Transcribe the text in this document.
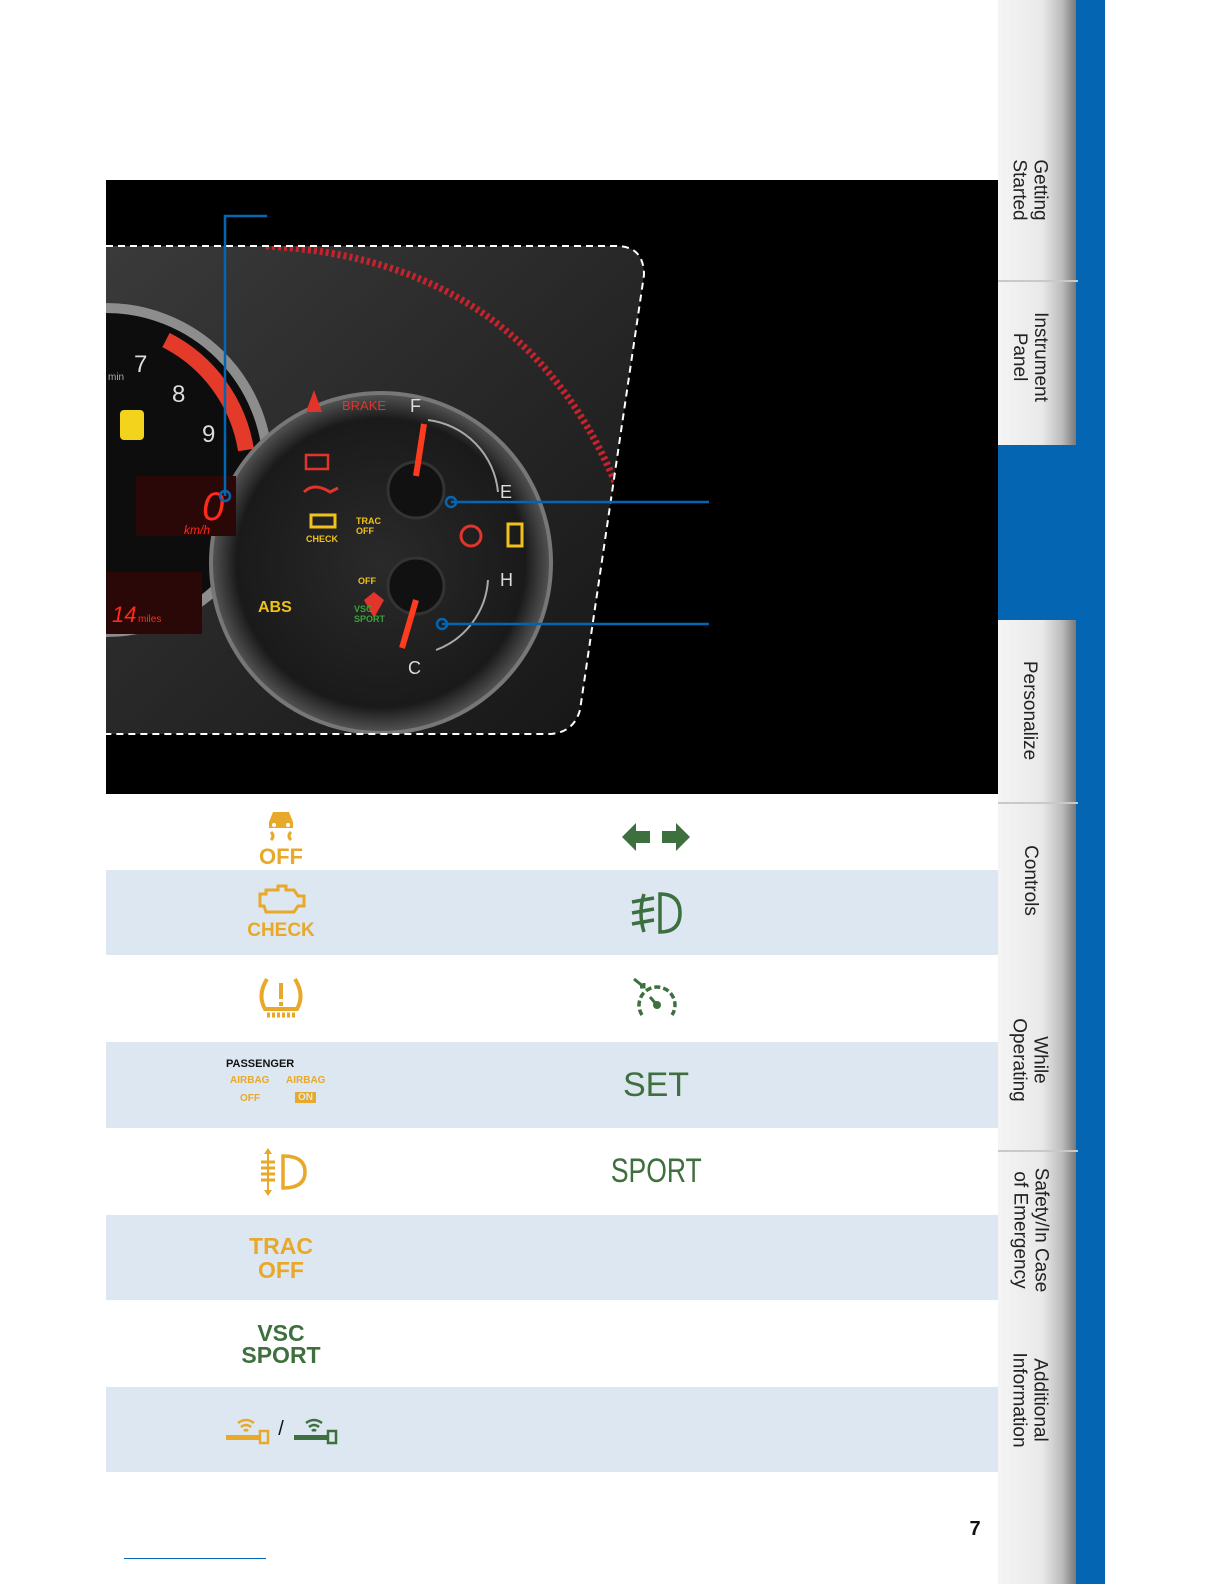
Getting
Started
Instrument
Panel
Personalize
Controls
While
Operating
Safety/In Case
of Emergency
Additional
Information
7
min
8
9
0
km/h
14 miles
F
E
H
C
BRAKE
CHECK
TRAC OFF
OFF
ABS	VSC SPORT
OFF
CHECK
PASSENGER
AIRBAG AIRBAG
OFF	ON	SET
SPORT
TRAC
OFF
VSC
SPORT
/
7
